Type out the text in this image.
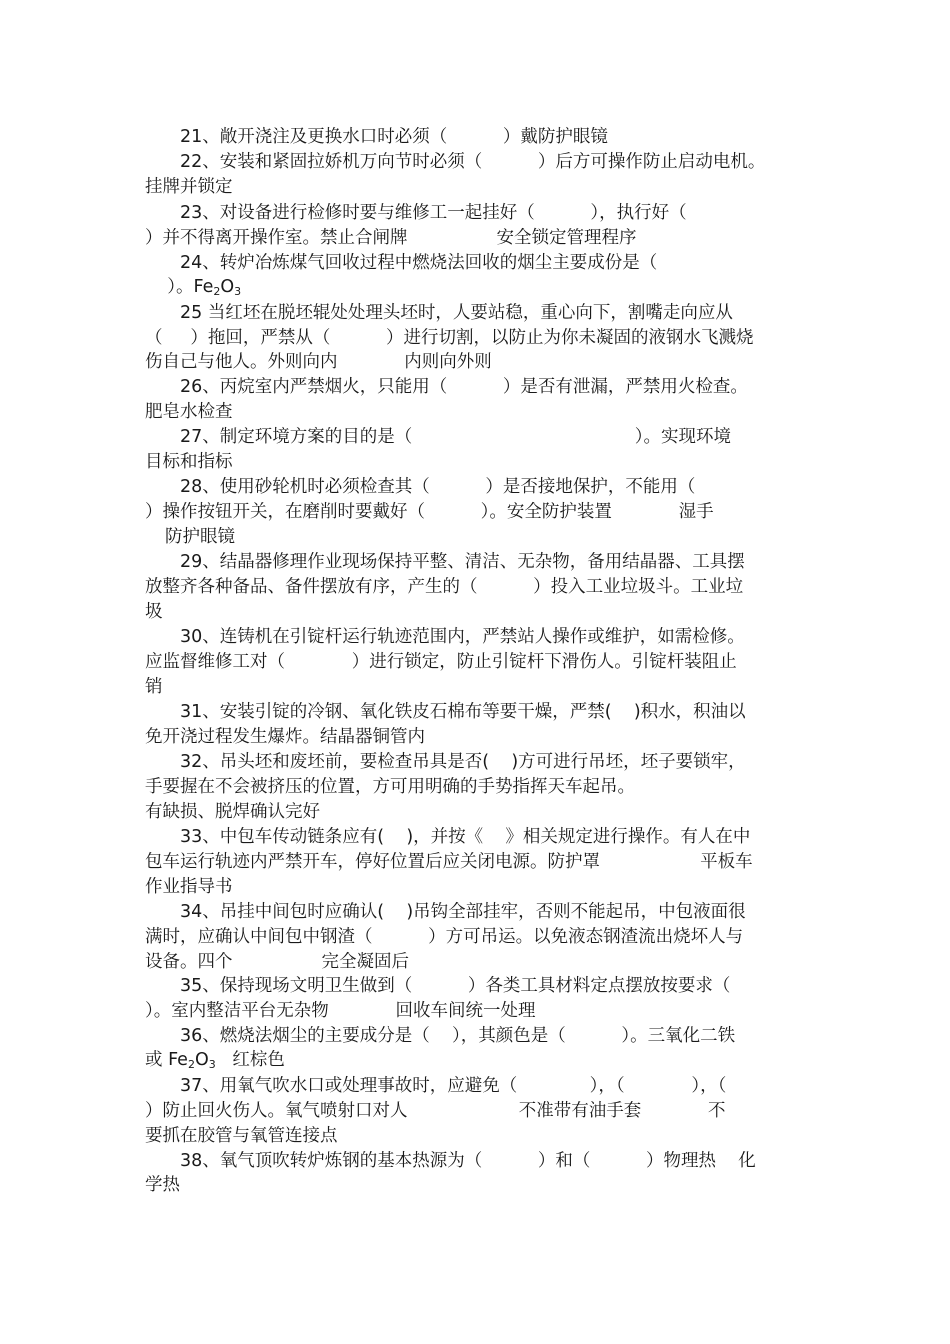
21、敞开浇注及更换水口时必须（          ）戴防护眼镜
22、安装和紧固拉娇机万向节时必须（          ）后方可操作防止启动电机。
挂牌并锁定
23、对设备进行检修时要与维修工一起挂好（          ），执行好（
）并不得离开操作室。禁止合闸牌                安全锁定管理程序
24、转炉冶炼煤气回收过程中燃烧法回收的烟尘主要成份是（
）。$Fe_2O_3$
25 当红坯在脱坯辊处处理头坯时，人要站稳，重心向下，割嘴走向应从
（     ）拖回，严禁从（          ）进行切割，以防止为你未凝固的液钢水飞溅烧
伤自己与他人。外则向内            内则向外则
26、丙烷室内严禁烟火，只能用（          ）是否有泄漏，严禁用火检查。
肥皂水检查
27、制定环境方案的目的是（                                        ）。实现环境
目标和指标
28、使用砂轮机时必须检查其（          ）是否接地保护，不能用（
）操作按钮开关，在磨削时要戴好（          ）。安全防护装置            湿手
防护眼镜
29、结晶器修理作业现场保持平整、清洁、无杂物，备用结晶器、工具摆
放整齐各种备品、备件摆放有序，产生的（          ）投入工业垃圾斗。工业垃
圾
30、连铸机在引锭杆运行轨迹范围内，严禁站人操作或维护，如需检修。
应监督维修工对（            ）进行锁定，防止引锭杆下滑伤人。引锭杆装阻止
销
31、安装引锭的冷钢、氧化铁皮石棉布等要干燥，严禁(    )积水，积油以
免开浇过程发生爆炸。结晶器铜管内
32、吊头坯和废坯前，要检查吊具是否(    )方可进行吊坯，坯子要锁牢，
手要握在不会被挤压的位置，方可用明确的手势指挥天车起吊。
有缺损、脱焊确认完好
33、中包车传动链条应有(    )，并按《    》相关规定进行操作。有人在中
包车运行轨迹内严禁开车，停好位置后应关闭电源。防护罩                  平板车
作业指导书
34、吊挂中间包时应确认(    )吊钩全部挂牢，否则不能起吊，中包液面很
满时，应确认中间包中钢渣（          ）方可吊运。以免液态钢渣流出烧坏人与
设备。四个                完全凝固后
35、保持现场文明卫生做到（          ）各类工具材料定点摆放按要求（
）。室内整洁平台无杂物            回收车间统一处理
36、燃烧法烟尘的主要成分是（    ），其颜色是（          ）。三氧化二铁
或 $Fe_2O_3$   红棕色
37、用氧气吹水口或处理事故时，应避免（             ），（            ），（
）防止回火伤人。氧气喷射口对人                    不准带有油手套            不
要抓在胶管与氧管连接点
38、氧气顶吹转炉炼钢的基本热源为（          ）和（          ）物理热    化
学热
